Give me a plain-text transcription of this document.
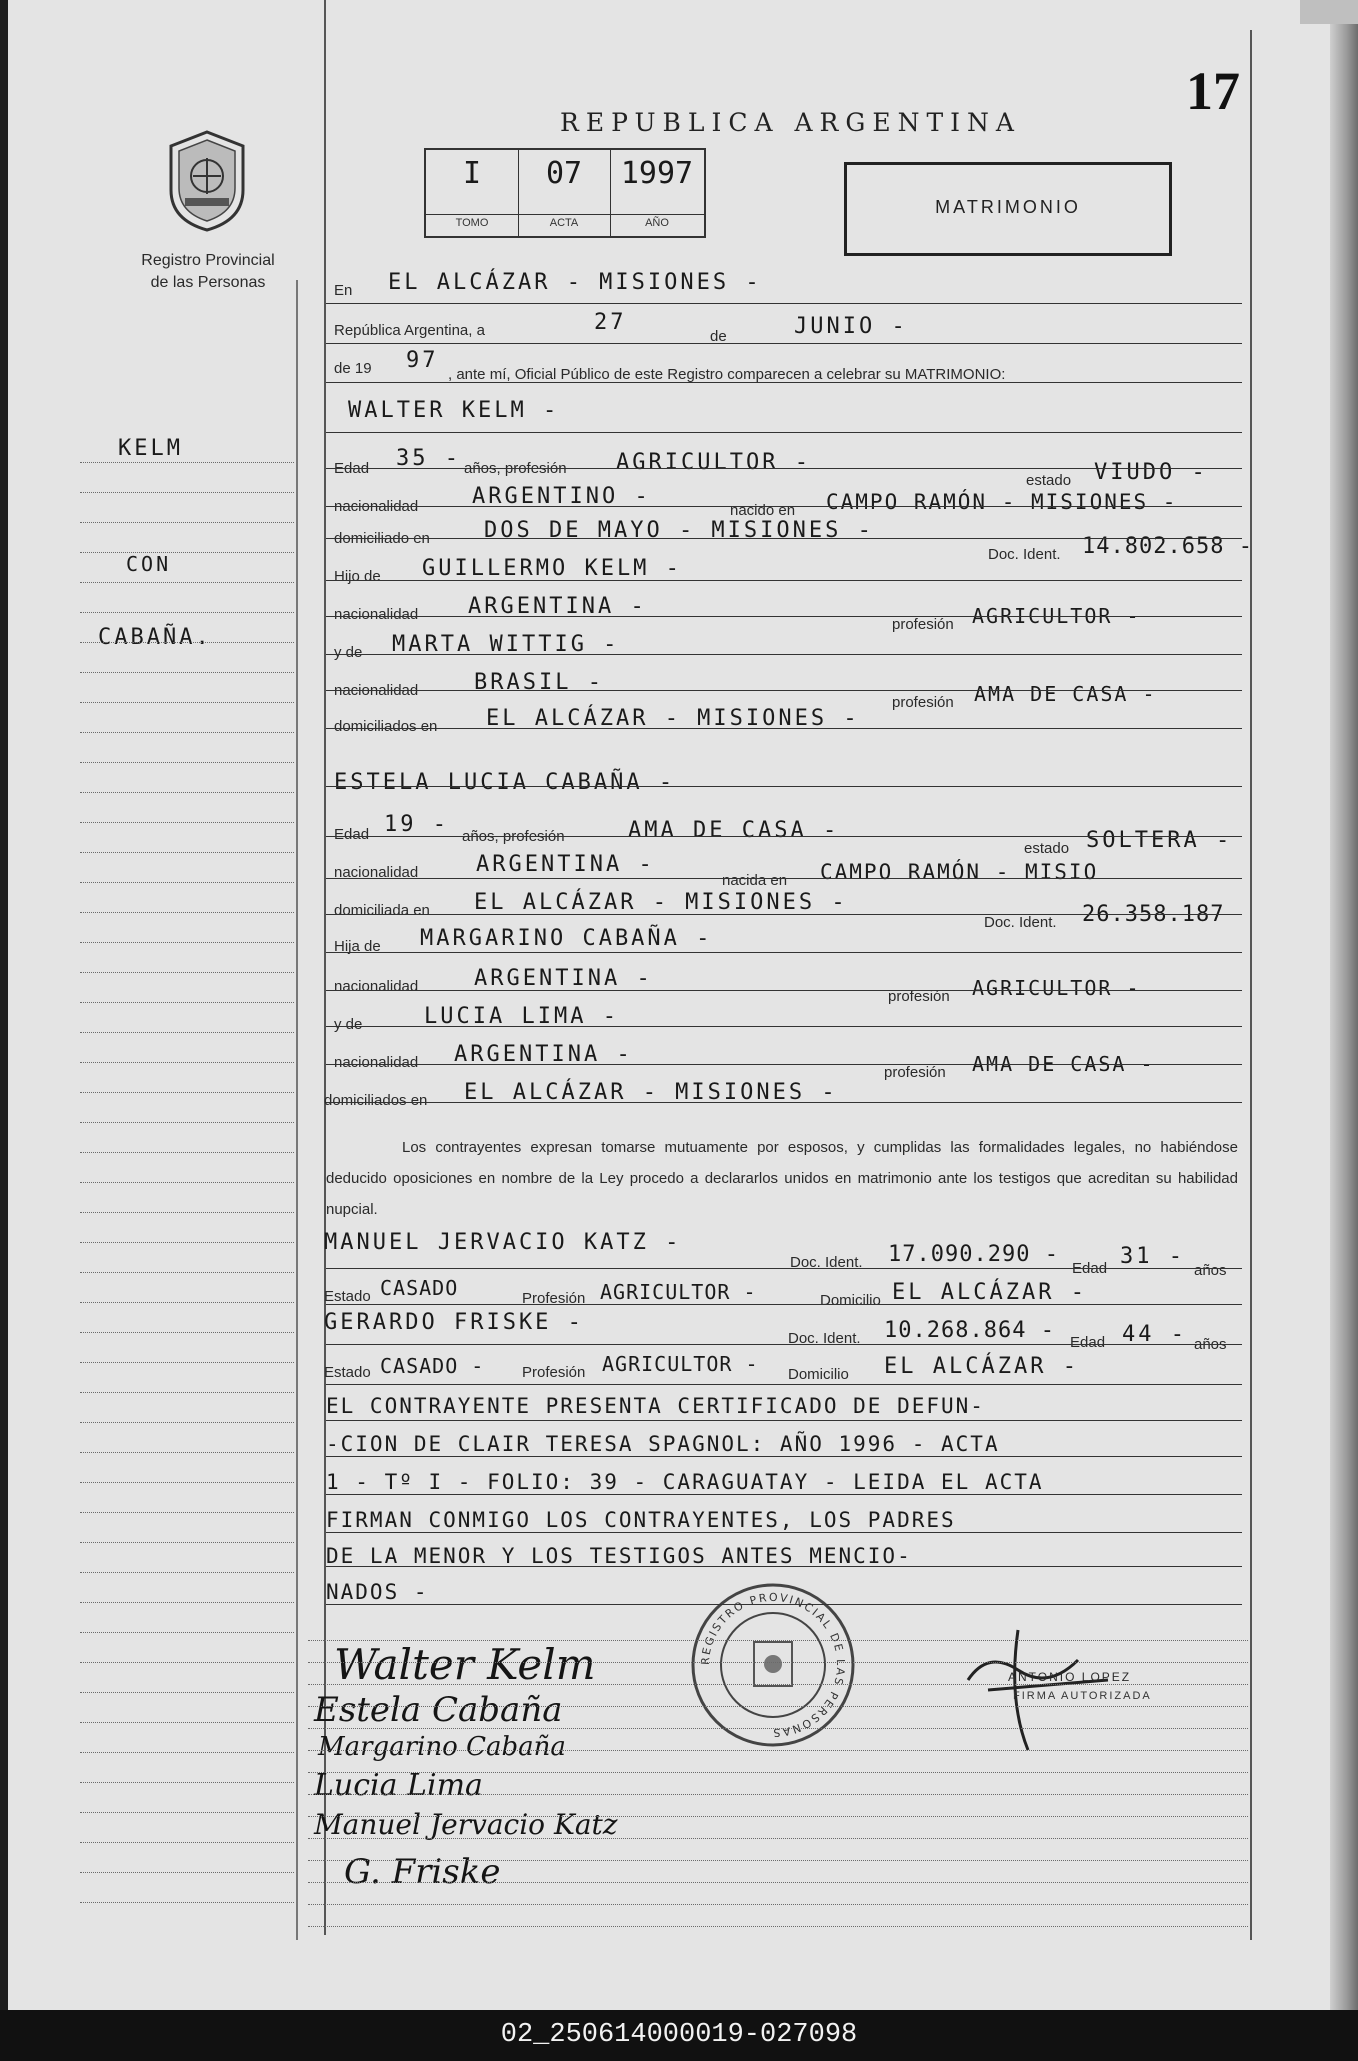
17
REPUBLICA ARGENTINA
Registro Provincial
de las Personas
I
TOMO
07
ACTA
1997
AÑO
MATRIMONIO
KELM
CON
CABAÑA.
En EL ALCÁZAR - MISIONES -
República Argentina, a	27
de	JUNIO -
de 19 97
, ante mí, Oficial Público de este Registro comparecen a celebrar su MATRIMONIO:
WALTER KELM -
Edad 35 - años, profesión AGRICULTOR -
estado VIUDO -
nacionalidad ARGENTINO -
nacido en CAMPO RAMÓN - MISIONES -
domiciliado en DOS DE MAYO - MISIONES -
Doc. Ident. 14.802.658 -
Hijo de GUILLERMO KELM -
nacionalidad ARGENTINA -
profesión AGRICULTOR -
y de MARTA WITTIG -
nacionalidad	BRASIL -
profesión AMA DE CASA -
domiciliados en EL ALCÁZAR - MISIONES -
ESTELA LUCIA CABAÑA -
Edad 19 - años, profesión	AMA DE CASA -
estado SOLTERA -
nacionalidad	ARGENTINA -
nacida en CAMPO RAMÓN - MISIO
domiciliada en EL ALCÁZAR - MISIONES -
Doc. Ident. 26.358.187
Hija de MARGARINO CABAÑA -
nacionalidad	ARGENTINA -
profesión AGRICULTOR -
y de	LUCIA LIMA -
nacionalidad ARGENTINA -
profesión AMA DE CASA -
domiciliados en EL ALCÁZAR - MISIONES -
Los contrayentes expresan tomarse mutuamente por esposos, y cumplidas las formalidades legales, no habiéndose deducido oposiciones en nombre de la Ley procedo a declararlos unidos en matrimonio ante los testigos que acreditan su habilidad nupcial.
MANUEL JERVACIO KATZ -
Doc. Ident. 17.090.290 -
Edad 31 -
años
Estado CASADO	Profesión AGRICULTOR -	Domicilio EL ALCÁZAR -
GERARDO FRISKE -
Doc. Ident. 10.268.864 - Edad 44 - años
Estado CASADO -	Profesión AGRICULTOR - Domicilio EL ALCÁZAR -
EL CONTRAYENTE PRESENTA CERTIFICADO DE DEFUN-
-CION DE CLAIR TERESA SPAGNOL: AÑO 1996 - ACTA
1 - Tº I - FOLIO: 39 - CARAGUATAY - LEIDA EL ACTA
FIRMAN CONMIGO LOS CONTRAYENTES, LOS PADRES
DE LA MENOR Y LOS TESTIGOS ANTES MENCIO-
NADOS -
Walter Kelm
Estela Cabaña
Margarino Cabaña
Lucia Lima
Manuel Jervacio Katz
G. Friske
REGISTRO PROVINCIAL DE LAS PERSONAS
ANTONIO LOPEZ
FIRMA AUTORIZADA
02_250614000019-027098
